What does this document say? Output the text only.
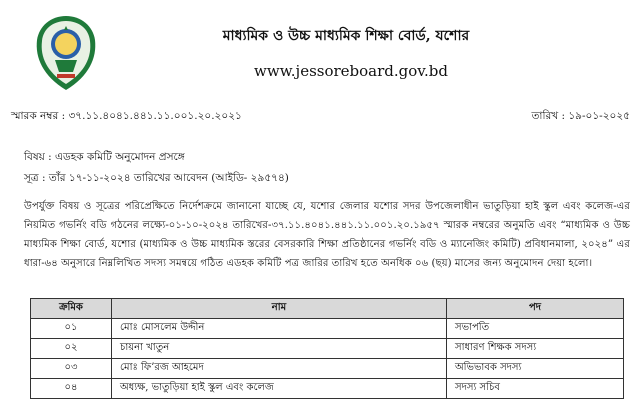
মাধ্যমিক ও উচ্চ মাধ্যমিক শিক্ষা বোর্ড, যশোর
www.jessoreboard.gov.bd
স্মারক নম্বর : ৩৭.১১.৪০৪১.৪৪১.১১.০০১.২০.২০২১	তারিখ : ১৯-০১-২০২৫
বিষয় : এডহক কমিটি অনুমোদন প্রসঙ্গে
সূত্র : তাঁর ১৭-১১-২০২৪ তারিখের আবেদন (আইডি- ২৯৫৭৪)
উপর্যুক্ত বিষয় ও সূত্রের পরিপ্রেক্ষিতে নির্দেশক্রমে জানানো যাচ্ছে যে, যশোর জেলার যশোর সদর উপজেলাধীন ভাতুড়িয়া হাই স্কুল এবং কলেজ-এর নিয়মিত গভর্নিং বডি গঠনের লক্ষ্যে-০১-১০-২০২৪ তারিখের-৩৭.১১.৪০৪১.৪৪১.১১.০০১.২০.১৯৫৭ স্মারক নম্বরের অনুমতি এবং “মাধ্যমিক ও উচ্চ মাধ্যমিক শিক্ষা বোর্ড, যশোর (মাধ্যমিক ও উচ্চ মাধ্যমিক স্তরের বেসরকারি শিক্ষা প্রতিষ্ঠানের গভর্নিং বডি ও ম্যানেজিং কমিটি) প্রবিধানমালা, ২০২৪” এর ধারা-৬৪ অনুসারে নিম্নলিখিত সদস্য সমন্বয়ে গঠিত এডহক কমিটি পত্র জারির তারিখ হতে অনধিক ০৬ (ছয়) মাসের জন্য অনুমোদন দেয়া হলো।
ক্রমিক	নাম	পদ
০১	মোঃ মোসলেম উদ্দীন	সভাপতি
০২	চায়না খাতুন	সাধারণ শিক্ষক সদস্য
০৩	মোঃ ফি’রজ আহমেদ	অভিভাবক সদস্য
০৪	অধ্যক্ষ, ভাতুড়িয়া হাই স্কুল এবং কলেজ	সদস্য সচিব
